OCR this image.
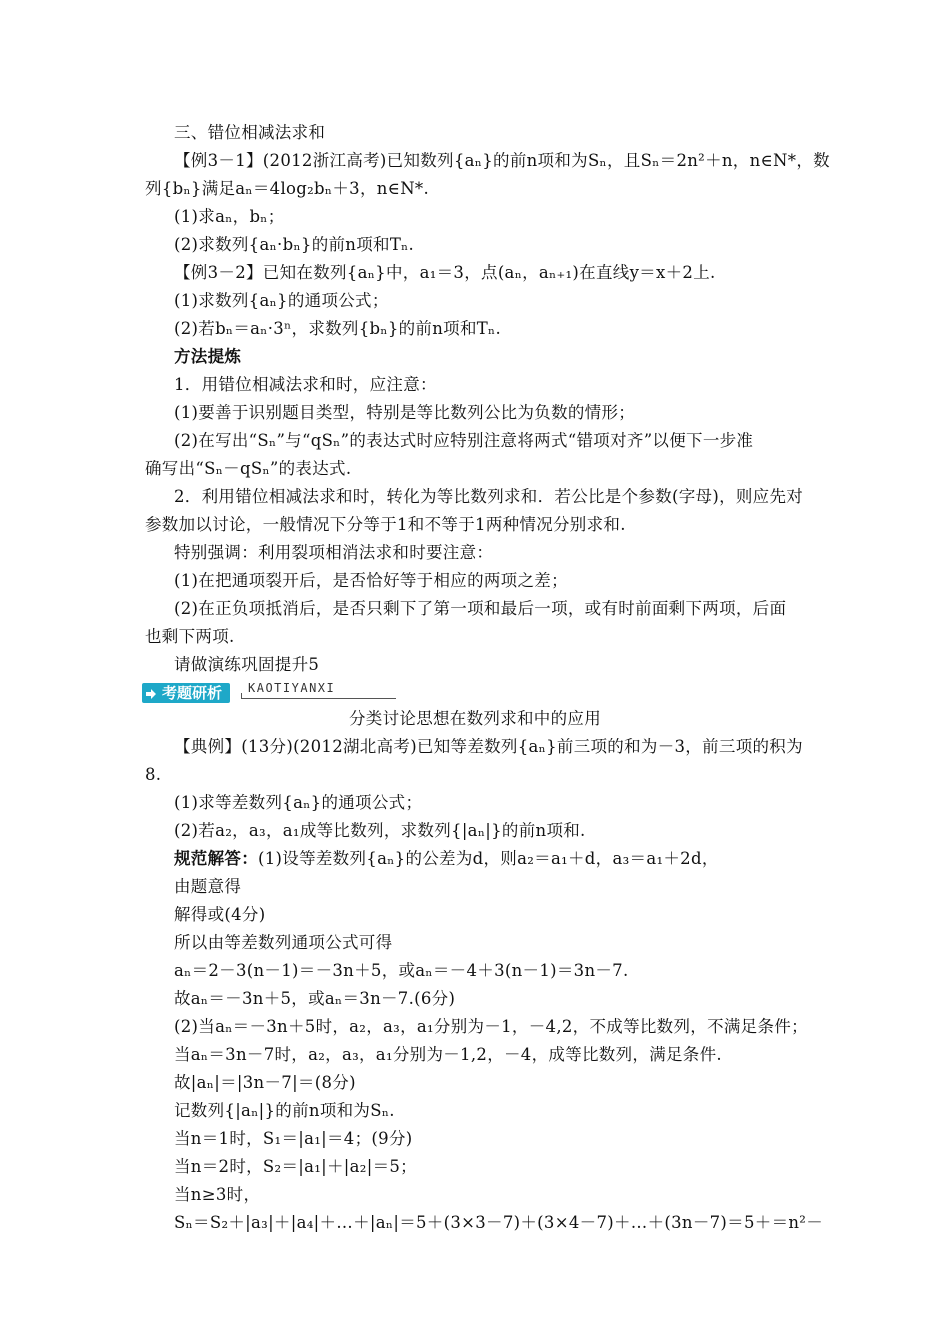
三、错位相减法求和
【例3－1】(2012浙江高考)已知数列{aₙ}的前n项和为Sₙ，且Sₙ＝2n²＋n，n∈N*，数
列{bₙ}满足aₙ＝4log₂bₙ＋3，n∈N*.
(1)求aₙ，bₙ；
(2)求数列{aₙ·bₙ}的前n项和Tₙ.
【例3－2】已知在数列{aₙ}中，a₁＝3，点(aₙ，aₙ₊₁)在直线y＝x＋2上.
(1)求数列{aₙ}的通项公式；
(2)若bₙ＝aₙ·3ⁿ，求数列{bₙ}的前n项和Tₙ.
方法提炼
1．用错位相减法求和时，应注意：
(1)要善于识别题目类型，特别是等比数列公比为负数的情形；
(2)在写出“Sₙ”与“qSₙ”的表达式时应特别注意将两式“错项对齐”以便下一步准
确写出“Sₙ－qSₙ”的表达式.
2．利用错位相减法求和时，转化为等比数列求和．若公比是个参数(字母)，则应先对
参数加以讨论，一般情况下分等于1和不等于1两种情况分别求和.
特别强调：利用裂项相消法求和时要注意：
(1)在把通项裂开后，是否恰好等于相应的两项之差；
(2)在正负项抵消后，是否只剩下了第一项和最后一项，或有时前面剩下两项，后面
也剩下两项.
请做演练巩固提升5
考题研析	KAOTIYANXI
分类讨论思想在数列求和中的应用
【典例】(13分)(2012湖北高考)已知等差数列{aₙ}前三项的和为－3，前三项的积为
8.
(1)求等差数列{aₙ}的通项公式；
(2)若a₂，a₃，a₁成等比数列，求数列{|aₙ|}的前n项和.
规范解答：(1)设等差数列{aₙ}的公差为d，则a₂＝a₁＋d，a₃＝a₁＋2d，
由题意得
解得或(4分)
所以由等差数列通项公式可得
aₙ＝2－3(n－1)＝－3n＋5，或aₙ＝－4＋3(n－1)＝3n－7.
故aₙ＝－3n＋5，或aₙ＝3n－7.(6分)
(2)当aₙ＝－3n＋5时，a₂，a₃，a₁分别为－1，－4,2，不成等比数列，不满足条件；
当aₙ＝3n－7时，a₂，a₃，a₁分别为－1,2，－4，成等比数列，满足条件.
故|aₙ|＝|3n－7|＝(8分)
记数列{|aₙ|}的前n项和为Sₙ.
当n＝1时，S₁＝|a₁|＝4；(9分)
当n＝2时，S₂＝|a₁|＋|a₂|＝5；
当n≥3时，
Sₙ＝S₂＋|a₃|＋|a₄|＋…＋|aₙ|＝5＋(3×3－7)＋(3×4－7)＋…＋(3n－7)＝5＋＝n²－
